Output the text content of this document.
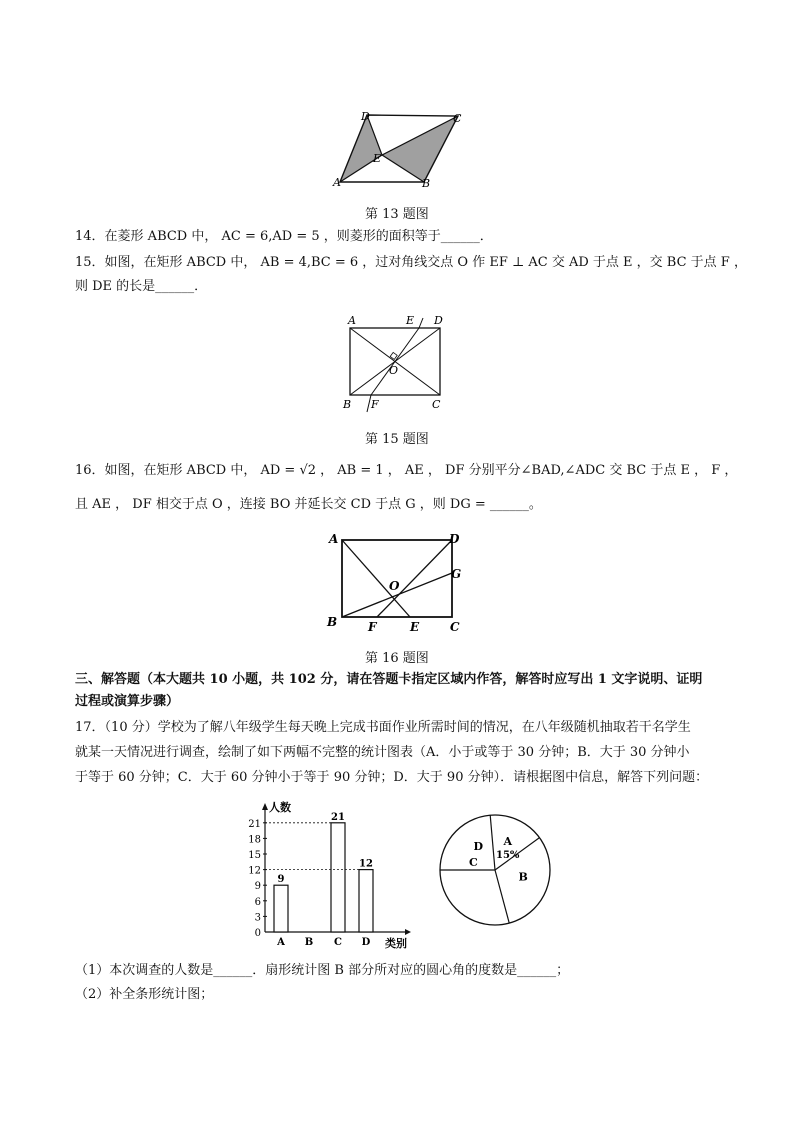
D	C
E
A	B
第 13 题图
14．在菱形 ABCD 中， AC = 6,AD = 5 ，则菱形的面积等于______．
15．如图，在矩形 ABCD 中， AB = 4,BC = 6 ，过对角线交点 O 作 EF ⊥ AC 交 AD 于点 E ，交 BC 于点 F ，
则 DE 的长是______．
A	E D
O
B F	C
第 15 题图
16．如图，在矩形 ABCD 中， AD = √2 ， AB = 1 ， AE ， DF 分别平分∠BAD,∠ADC 交 BC 于点 E ， F ，
且 AE ， DF 相交于点 O ，连接 BO 并延长交 CD 于点 G ，则 DG = ______。
A	D
G
O
B	F	E	C
第 16 题图
三、解答题（本大题共 10 小题，共 102 分，请在答题卡指定区域内作答，解答时应写出 1 文字说明、证明
过程或演算步骤）
17．（10 分）学校为了解八年级学生每天晚上完成书面作业所需时间的情况，在八年级随机抽取若干名学生
就某一天情况进行调查，绘制了如下两幅不完整的统计图表（A．小于或等于 30 分钟；B．大于 30 分钟小
于等于 60 分钟；C．大于 60 分钟小于等于 90 分钟；D．大于 90 分钟）．请根据图中信息，解答下列问题：
人数
类别
0
3
6
9
12
15
18
21
A
9
B C
21
D
12
A
15%
B
C
D
（1）本次调查的人数是______．扇形统计图 B 部分所对应的圆心角的度数是______；
（2）补全条形统计图；
